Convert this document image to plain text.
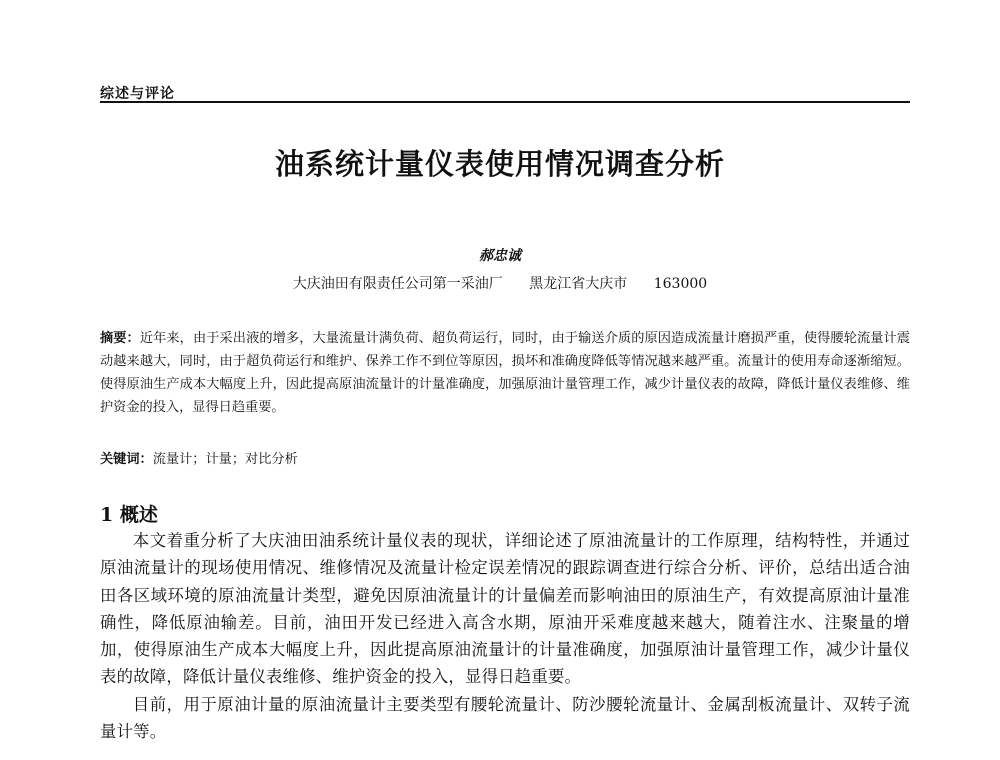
综述与评论
油系统计量仪表使用情况调查分析
郝忠诚
大庆油田有限责任公司第一采油厂 黑龙江省大庆市 163000
摘要：近年来，由于采出液的增多，大量流量计满负荷、超负荷运行，同时，由于输送介质的原因造成流量计磨损严重，使得腰轮流量计震动越来越大，同时，由于超负荷运行和维护、保养工作不到位等原因，损坏和准确度降低等情况越来越严重。流量计的使用寿命逐渐缩短。使得原油生产成本大幅度上升，因此提高原油流量计的计量准确度，加强原油计量管理工作，减少计量仪表的故障，降低计量仪表维修、维护资金的投入，显得日趋重要。
关键词：流量计；计量；对比分析
1 概述

本文着重分析了大庆油田油系统计量仪表的现状，详细论述了原油流量计的工作原理，结构特性，并通过原油流量计的现场使用情况、维修情况及流量计检定误差情况的跟踪调查进行综合分析、评价，总结出适合油田各区域环境的原油流量计类型，避免因原油流量计的计量偏差而影响油田的原油生产，有效提高原油计量准确性，降低原油输差。目前，油田开发已经进入高含水期，原油开采难度越来越大，随着注水、注聚量的增加，使得原油生产成本大幅度上升，因此提高原油流量计的计量准确度，加强原油计量管理工作，减少计量仪表的故障，降低计量仪表维修、维护资金的投入，显得日趋重要。

目前，用于原油计量的原油流量计主要类型有腰轮流量计、防沙腰轮流量计、金属刮板流量计、双转子流量计等。
